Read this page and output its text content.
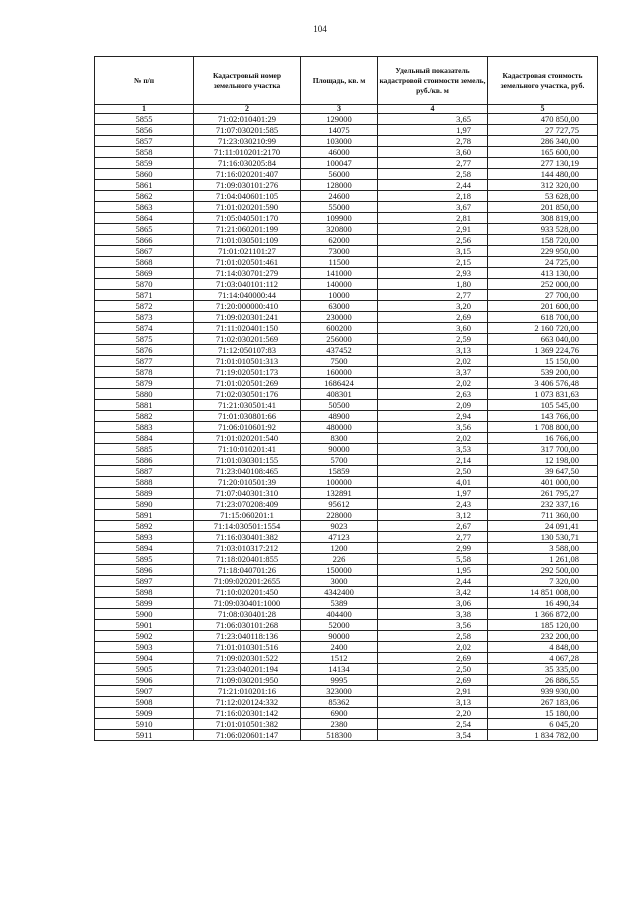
104
№ п/п	Кадастровый номер земельного участка	Площадь, кв. м	Удельный показатель кадастровой стоимости земель, руб./кв. м	Кадастровая стоимость земельного участка, руб.
1	2	3	4	5
5855	71:02:010401:29	129000	3,65	470 850,00
5856	71:07:030201:585	14075	1,97	27 727,75
5857	71:23:030210:99	103000	2,78	286 340,00
5858	71:11:010201:2170	46000	3,60	165 600,00
5859	71:16:030205:84	100047	2,77	277 130,19
5860	71:16:020201:407	56000	2,58	144 480,00
5861	71:09:030101:276	128000	2,44	312 320,00
5862	71:04:040601:105	24600	2,18	53 628,00
5863	71:01:020201:590	55000	3,67	201 850,00
5864	71:05:040501:170	109900	2,81	308 819,00
5865	71:21:060201:199	320800	2,91	933 528,00
5866	71:01:030501:109	62000	2,56	158 720,00
5867	71:01:021101:27	73000	3,15	229 950,00
5868	71:01:020501:461	11500	2,15	24 725,00
5869	71:14:030701:279	141000	2,93	413 130,00
5870	71:03:040101:112	140000	1,80	252 000,00
5871	71:14:040000:44	10000	2,77	27 700,00
5872	71:20:000000:410	63000	3,20	201 600,00
5873	71:09:020301:241	230000	2,69	618 700,00
5874	71:11:020401:150	600200	3,60	2 160 720,00
5875	71:02:030201:569	256000	2,59	663 040,00
5876	71:12:050107:83	437452	3,13	1 369 224,76
5877	71:01:010501:313	7500	2,02	15 150,00
5878	71:19:020501:173	160000	3,37	539 200,00
5879	71:01:020501:269	1686424	2,02	3 406 576,48
5880	71:02:030501:176	408301	2,63	1 073 831,63
5881	71:21:030501:41	50500	2,09	105 545,00
5882	71:01:030801:66	48900	2,94	143 766,00
5883	71:06:010601:92	480000	3,56	1 708 800,00
5884	71:01:020201:540	8300	2,02	16 766,00
5885	71:10:010201:41	90000	3,53	317 700,00
5886	71:01:030301:155	5700	2,14	12 198,00
5887	71:23:040108:465	15859	2,50	39 647,50
5888	71:20:010501:39	100000	4,01	401 000,00
5889	71:07:040301:310	132891	1,97	261 795,27
5890	71:23:070208:409	95612	2,43	232 337,16
5891	71:15:060201:1	228000	3,12	711 360,00
5892	71:14:030501:1554	9023	2,67	24 091,41
5893	71:16:030401:382	47123	2,77	130 530,71
5894	71:03:010317:212	1200	2,99	3 588,00
5895	71:18:020401:855	226	5,58	1 261,08
5896	71:18:040701:26	150000	1,95	292 500,00
5897	71:09:020201:2655	3000	2,44	7 320,00
5898	71:10:020201:450	4342400	3,42	14 851 008,00
5899	71:09:030401:1000	5389	3,06	16 490,34
5900	71:08:030401:28	404400	3,38	1 366 872,00
5901	71:06:030101:268	52000	3,56	185 120,00
5902	71:23:040118:136	90000	2,58	232 200,00
5903	71:01:010301:516	2400	2,02	4 848,00
5904	71:09:020301:522	1512	2,69	4 067,28
5905	71:23:040201:194	14134	2,50	35 335,00
5906	71:09:030201:950	9995	2,69	26 886,55
5907	71:21:010201:16	323000	2,91	939 930,00
5908	71:12:020124:332	85362	3,13	267 183,06
5909	71:16:020301:142	6900	2,20	15 180,00
5910	71:01:010501:382	2380	2,54	6 045,20
5911	71:06:020601:147	518300	3,54	1 834 782,00
